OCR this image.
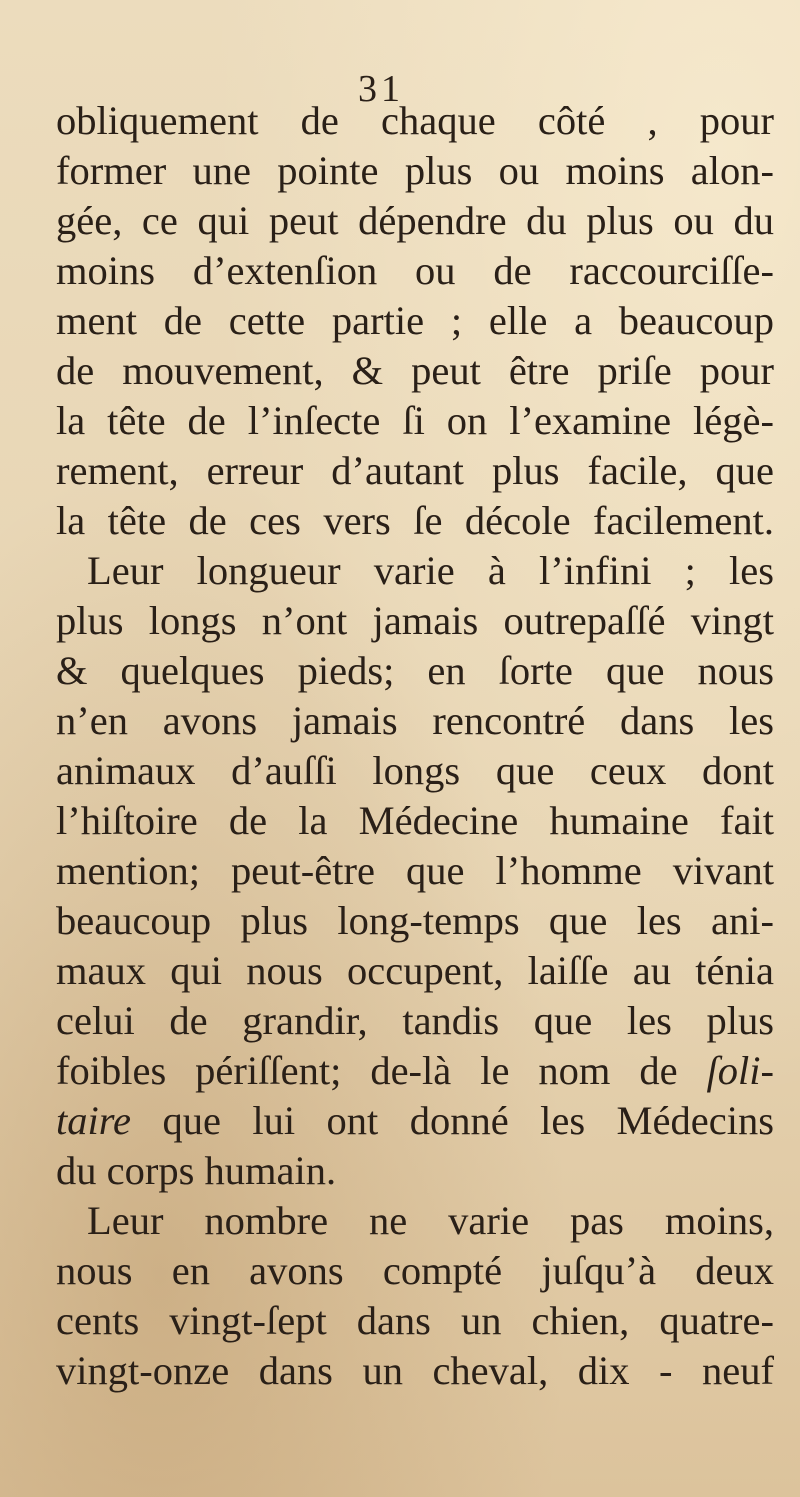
31
obliquement de chaque côté , pour
former une pointe plus ou moins alon-
gée, ce qui peut dépendre du plus ou du
moins d’extenſion ou de raccourciſſe-
ment de cette partie ; elle a beaucoup
de mouvement, & peut être priſe pour
la tête de l’inſecte ſi on l’examine légè-
rement, erreur d’autant plus facile, que
la tête de ces vers ſe décole facilement.
Leur longueur varie à l’infini ; les
plus longs n’ont jamais outrepaſſé vingt
& quelques pieds; en ſorte que nous
n’en avons jamais rencontré dans les
animaux d’auſſi longs que ceux dont
l’hiſtoire de la Médecine humaine fait
mention; peut-être que l’homme vivant
beaucoup plus long-temps que les ani-
maux qui nous occupent, laiſſe au ténia
celui de grandir, tandis que les plus
foibles périſſent; de-là le nom de ſoli-
taire que lui ont donné les Médecins
du corps humain.
Leur nombre ne varie pas moins,
nous en avons compté juſqu’à deux
cents vingt-ſept dans un chien, quatre-
vingt-onze dans un cheval, dix - neuf
